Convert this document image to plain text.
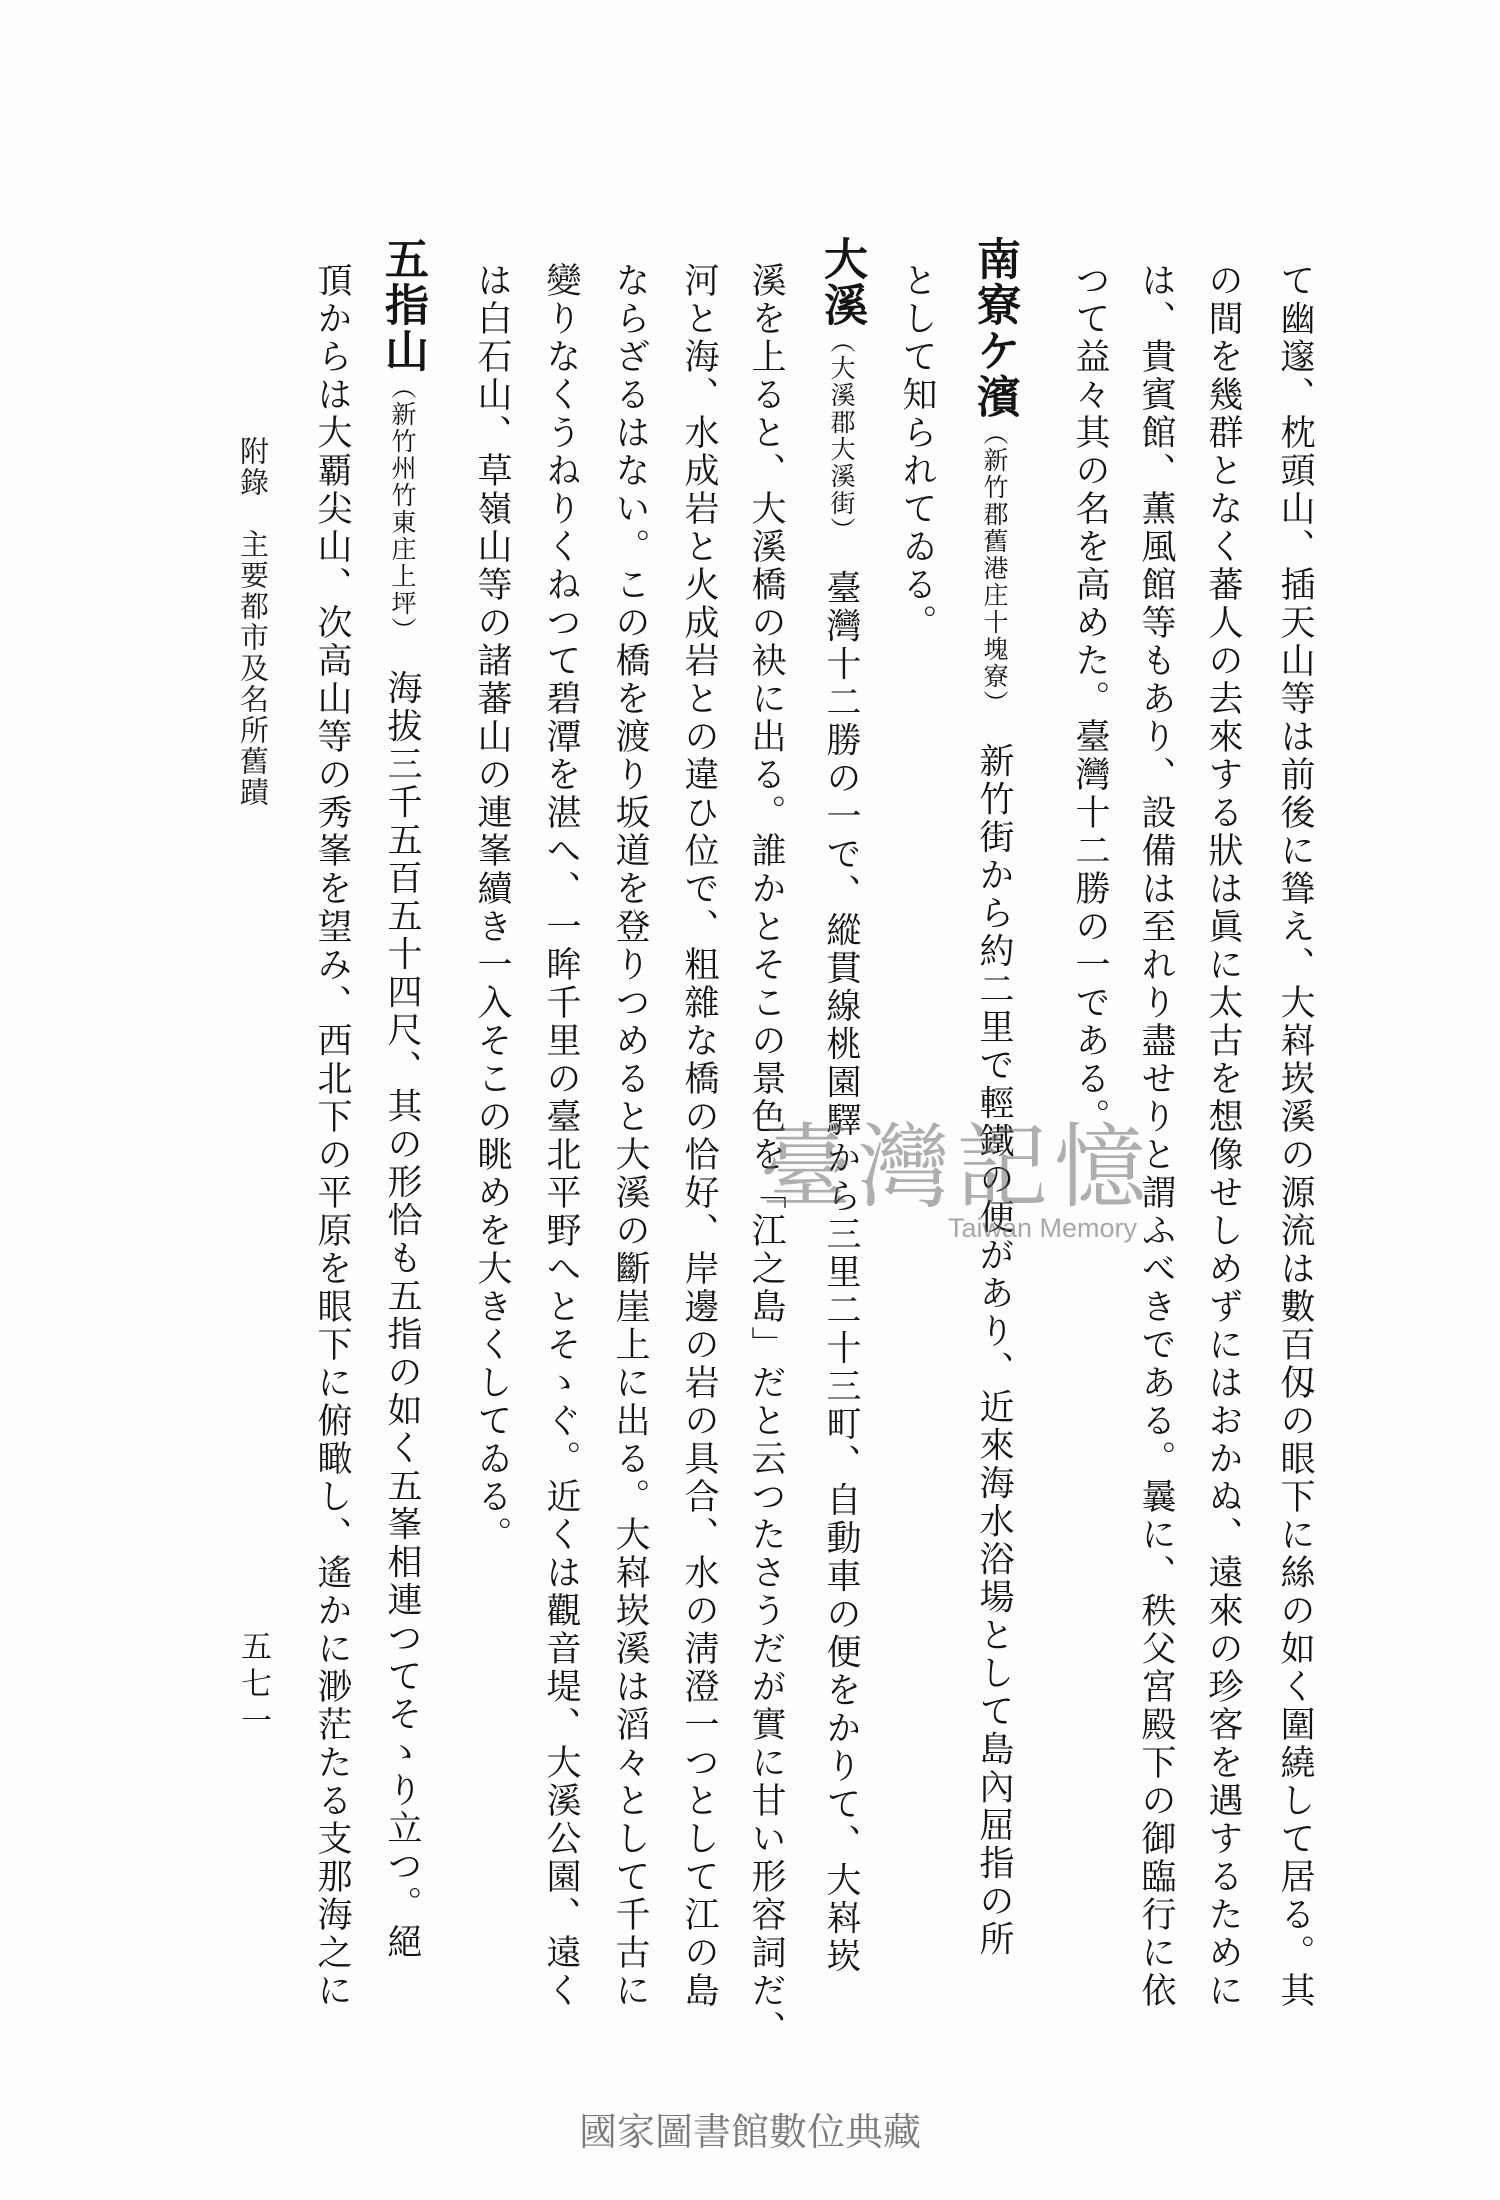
て幽邃、枕頭山、插天山等は前後に聳え、大嵙崁溪の源流は數百仭の眼下に絲の如く圍繞して居る。其
の間を幾群となく蕃人の去來する狀は眞に太古を想像せしめずにはおかぬ、遠來の珍客を遇するために
は、貴賓館、薫風館等もあり、設備は至れり盡せりと謂ふべきである。曩に、秩父宮殿下の御臨行に依
つて益々其の名を高めた。臺灣十二勝の一である。
南寮ケ濱（新竹郡舊港庄十塊寮）　新竹街から約二里で輕鐵の便があり、近來海水浴場として島內屈指の所
として知られてゐる。
大溪（大溪郡大溪街）　臺灣十二勝の一で、縱貫線桃園驛から三里二十三町、自動車の便をかりて、大嵙崁
溪を上ると、大溪橋の袂に出る。誰かとそこの景色を「江之島」だと云つたさうだが實に甘い形容詞だ、
河と海、水成岩と火成岩との違ひ位で、粗雜な橋の恰好、岸邊の岩の具合、水の淸澄一つとして江の島
ならざるはない。この橋を渡り坂道を登りつめると大溪の斷崖上に出る。大嵙崁溪は滔々として千古に
變りなくうねりくねつて碧潭を湛へ、一眸千里の臺北平野へとそゝぐ。近くは觀音堤、大溪公園、遠く
は白石山、草嶺山等の諸蕃山の連峯續き一入そこの眺めを大きくしてゐる。
五指山（新竹州竹東庄上坪）　海拔三千五百五十四尺、其の形恰も五指の如く五峯相連つてそゝり立つ。絕
頂からは大覇尖山、次高山等の秀峯を望み、西北下の平原を眼下に俯瞰し、遙かに渺茫たる支那海之に
附錄　主要都市及名所舊蹟
五七一
臺灣記憶
Taiwan Memory
國家圖書館數位典藏
